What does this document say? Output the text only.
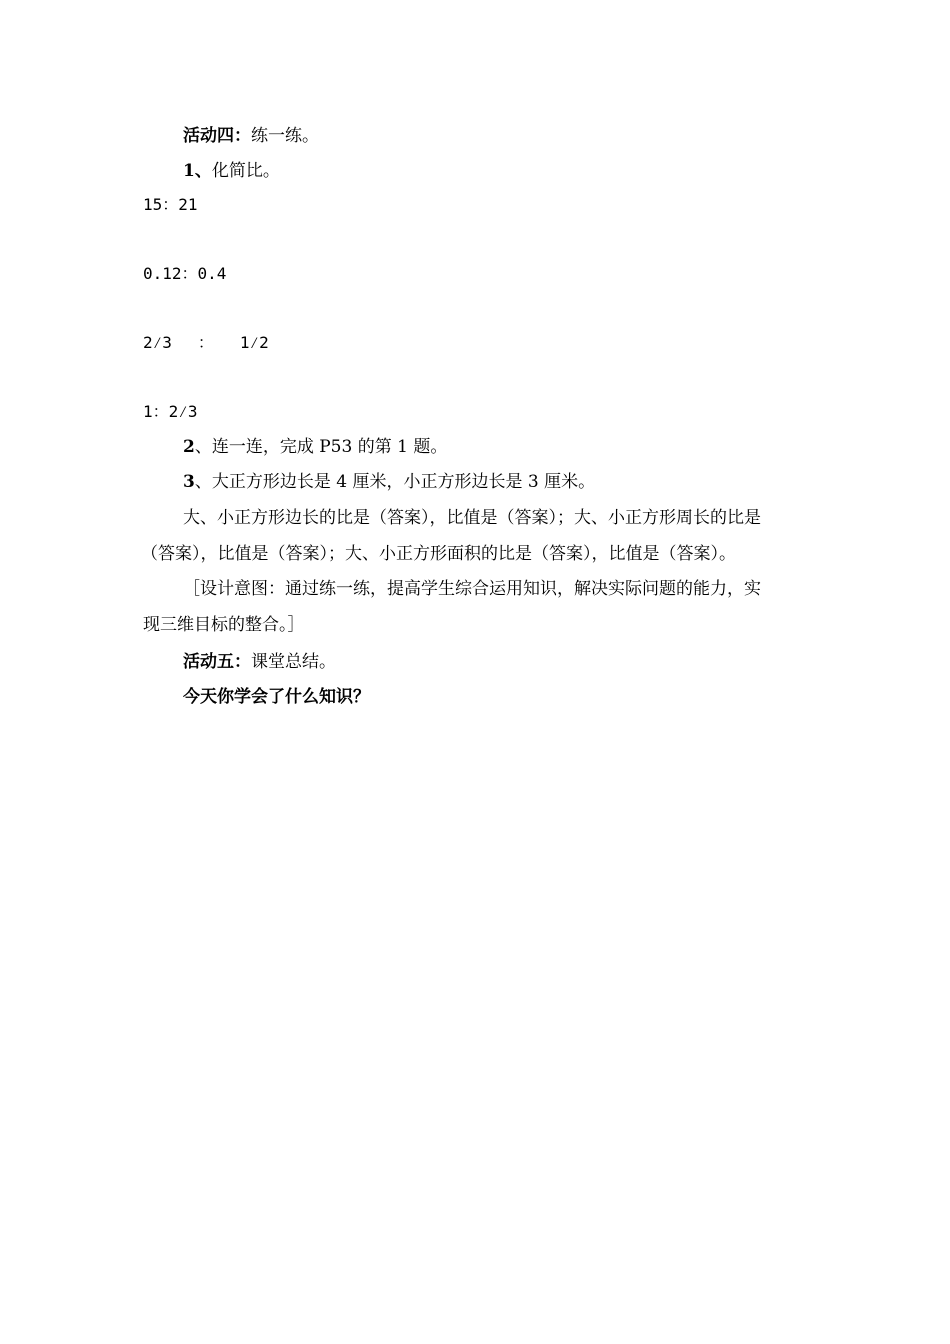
活动四：练一练。
1、化简比。
15：21
0.12：0.4
2⁄3 ： 1⁄2
1：2⁄3
2、连一连，完成 P53 的第 1 题。
3、大正方形边长是 4 厘米，小正方形边长是 3 厘米。
大、小正方形边长的比是（答案），比值是（答案）；大、小正方形周长的比是
（答案），比值是（答案）；大、小正方形面积的比是（答案），比值是（答案）。
［设计意图：通过练一练，提高学生综合运用知识，解决实际问题的能力，实
现三维目标的整合。］
活动五：课堂总结。
今天你学会了什么知识？
